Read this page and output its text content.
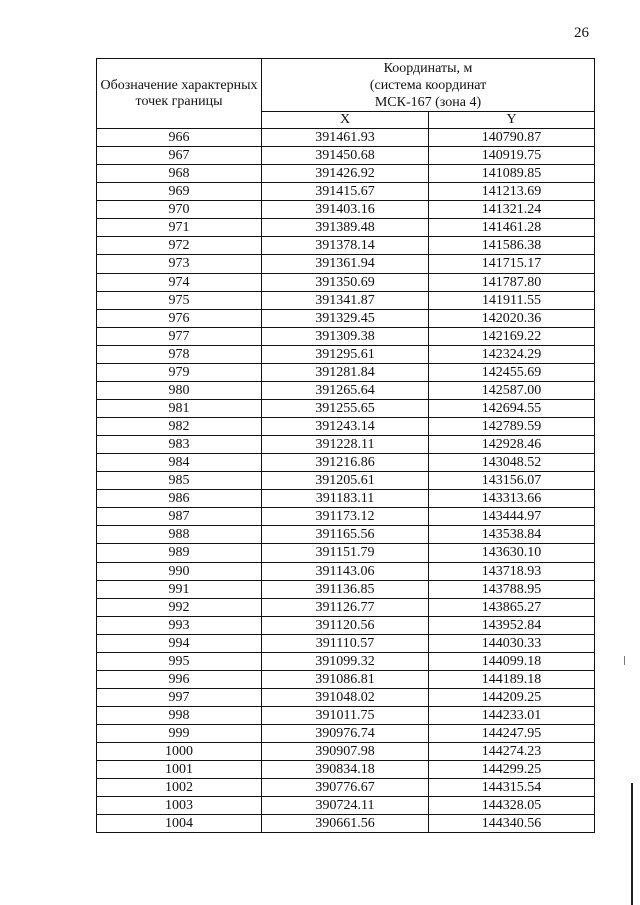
26
Обозначение характерных точек границы	Координаты, м
(система координат
МСК-167 (зона 4)	

	X	Y
966	391461.93	140790.87
967	391450.68	140919.75
968	391426.92	141089.85
969	391415.67	141213.69
970	391403.16	141321.24
971	391389.48	141461.28
972	391378.14	141586.38
973	391361.94	141715.17
974	391350.69	141787.80
975	391341.87	141911.55
976	391329.45	142020.36
977	391309.38	142169.22
978	391295.61	142324.29
979	391281.84	142455.69
980	391265.64	142587.00
981	391255.65	142694.55
982	391243.14	142789.59
983	391228.11	142928.46
984	391216.86	143048.52
985	391205.61	143156.07
986	391183.11	143313.66
987	391173.12	143444.97
988	391165.56	143538.84
989	391151.79	143630.10
990	391143.06	143718.93
991	391136.85	143788.95
992	391126.77	143865.27
993	391120.56	143952.84
994	391110.57	144030.33
995	391099.32	144099.18
996	391086.81	144189.18
997	391048.02	144209.25
998	391011.75	144233.01
999	390976.74	144247.95
1000	390907.98	144274.23
1001	390834.18	144299.25
1002	390776.67	144315.54
1003	390724.11	144328.05
1004	390661.56	144340.56
